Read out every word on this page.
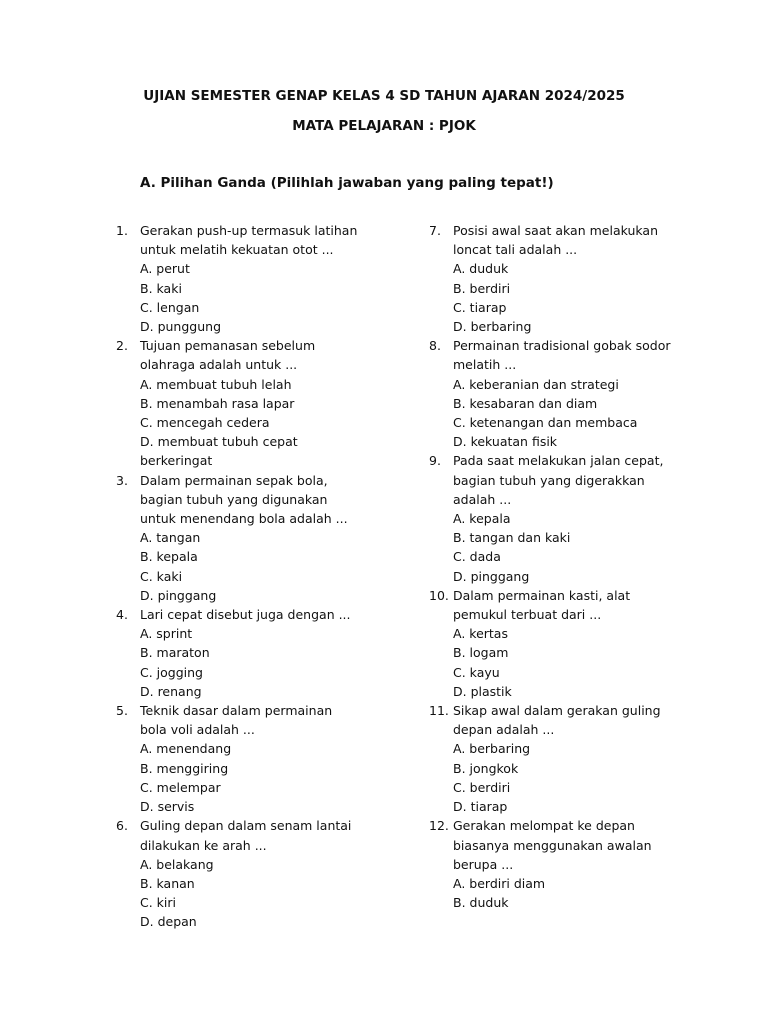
UJIAN SEMESTER GENAP KELAS 4 SD TAHUN AJARAN 2024/2025
MATA PELAJARAN : PJOK
A. Pilihan Ganda (Pilihlah jawaban yang paling tepat!)
1. Gerakan push-up termasuk latihan untuk melatih kekuatan otot ...
A. perut
B. kaki
C. lengan
D. punggung
2. Tujuan pemanasan sebelum olahraga adalah untuk ...
A. membuat tubuh lelah
B. menambah rasa lapar
C. mencegah cedera
D. membuat tubuh cepat berkeringat
3. Dalam permainan sepak bola, bagian tubuh yang digunakan untuk menendang bola adalah ...
A. tangan
B. kepala
C. kaki
D. pinggang
4. Lari cepat disebut juga dengan ...
A. sprint
B. maraton
C. jogging
D. renang
5. Teknik dasar dalam permainan bola voli adalah ...
A. menendang
B. menggiring
C. melempar
D. servis
6. Guling depan dalam senam lantai dilakukan ke arah ...
A. belakang
B. kanan
C. kiri
D. depan
7. Posisi awal saat akan melakukan loncat tali adalah ...
A. duduk
B. berdiri
C. tiarap
D. berbaring
8. Permainan tradisional gobak sodor melatih ...
A. keberanian dan strategi
B. kesabaran dan diam
C. ketenangan dan membaca
D. kekuatan fisik
9. Pada saat melakukan jalan cepat, bagian tubuh yang digerakkan adalah ...
A. kepala
B. tangan dan kaki
C. dada
D. pinggang
10. Dalam permainan kasti, alat pemukul terbuat dari ...
A. kertas
B. logam
C. kayu
D. plastik
11. Sikap awal dalam gerakan guling depan adalah ...
A. berbaring
B. jongkok
C. berdiri
D. tiarap
12. Gerakan melompat ke depan biasanya menggunakan awalan berupa ...
A. berdiri diam
B. duduk
